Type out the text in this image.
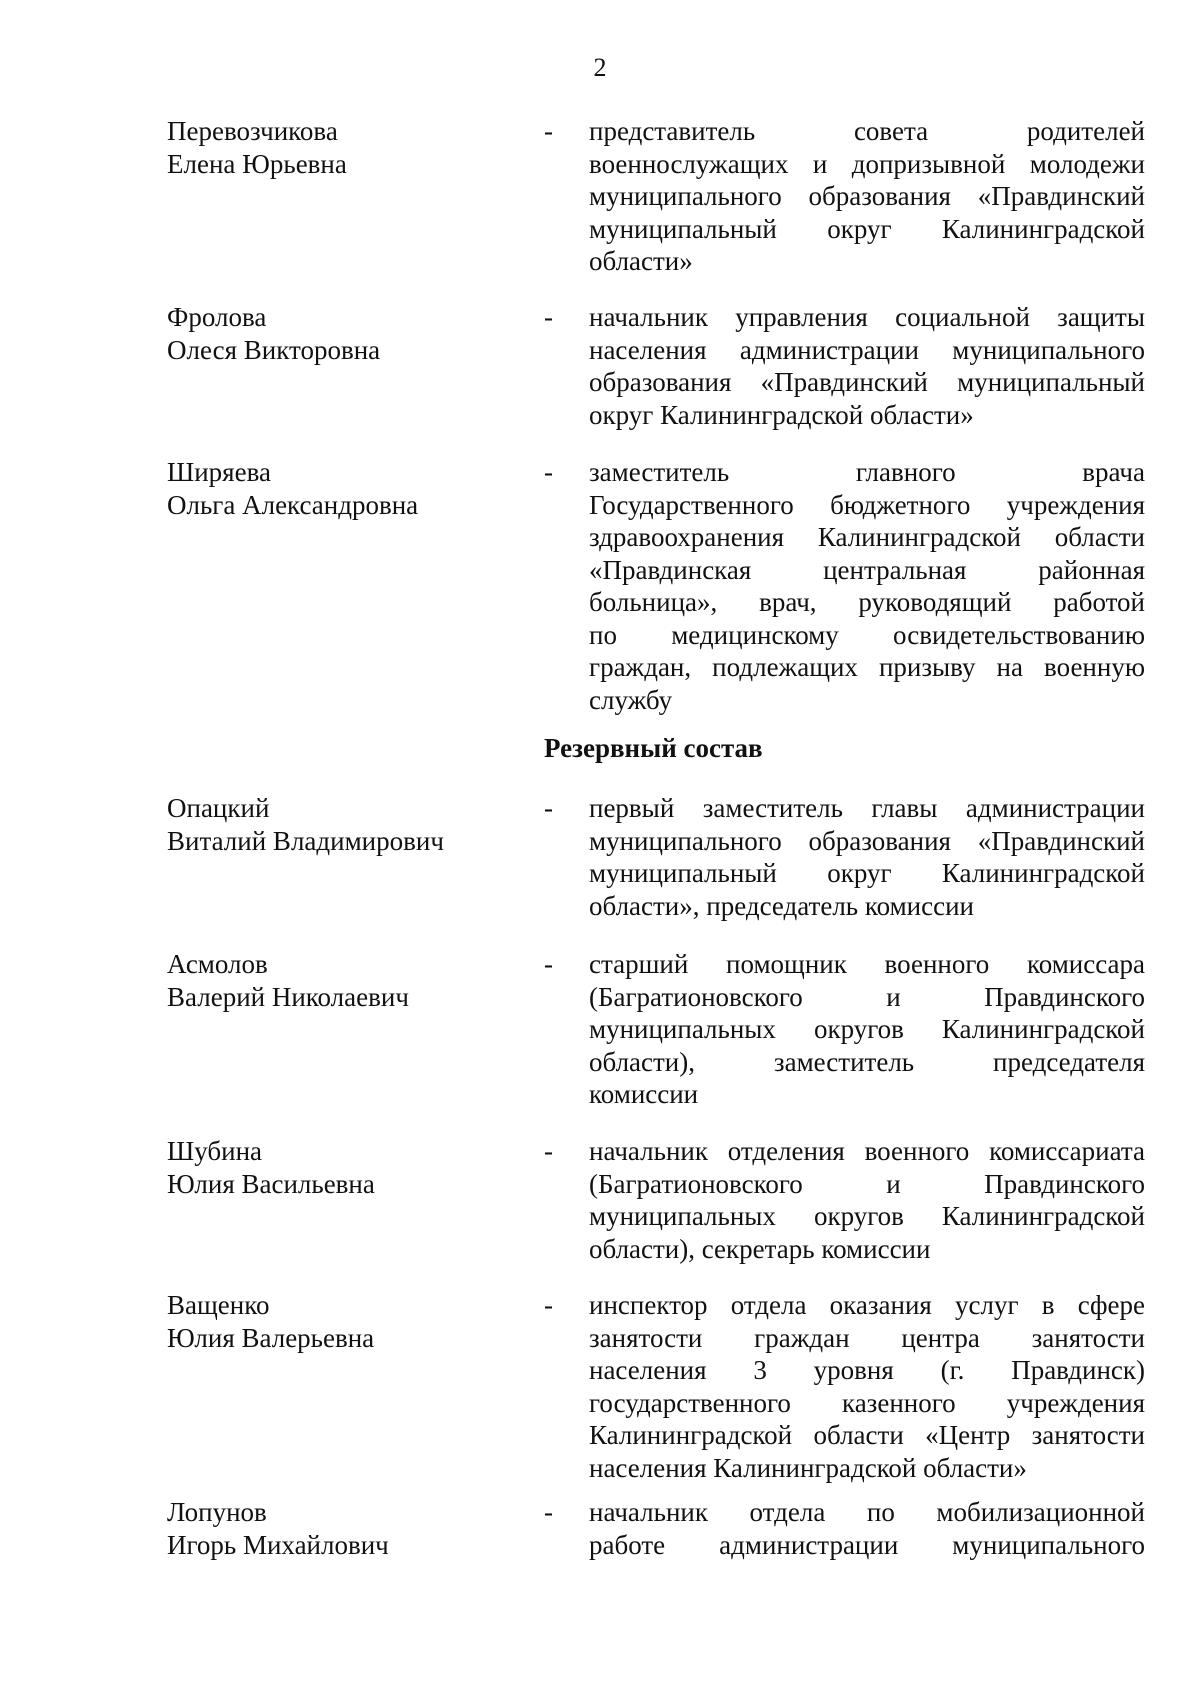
2
Перевозчикова
Елена Юрьевна
- представитель совета родителей
военнослужащих и допризывной молодежи
муниципального образования «Правдинский
муниципальный округ Калининградской
области»
Фролова
Олеся Викторовна
- начальник управления социальной защиты
населения администрации муниципального
образования «Правдинский муниципальный
округ Калининградской области»
Ширяева
Ольга Александровна
- заместитель главного врача
Государственного бюджетного учреждения
здравоохранения Калининградской области
«Правдинская центральная районная
больница», врач, руководящий работой
по медицинскому освидетельствованию
граждан, подлежащих призыву на военную
службу
Резервный состав
Опацкий
Виталий Владимирович
- первый заместитель главы администрации
муниципального образования «Правдинский
муниципальный округ Калининградской
области», председатель комиссии
Асмолов
Валерий Николаевич
- старший помощник военного комиссара
(Багратионовского и Правдинского
муниципальных округов Калининградской
области), заместитель председателя
комиссии
Шубина
Юлия Васильевна
- начальник отделения военного комиссариата
(Багратионовского и Правдинского
муниципальных округов Калининградской
области), секретарь комиссии
Ващенко
Юлия Валерьевна
- инспектор отдела оказания услуг в сфере
занятости граждан центра занятости
населения 3 уровня (г. Правдинск)
государственного казенного учреждения
Калининградской области «Центр занятости
населения Калининградской области»
Лопунов
Игорь Михайлович
- начальник отдела по мобилизационной
работе администрации муниципального
